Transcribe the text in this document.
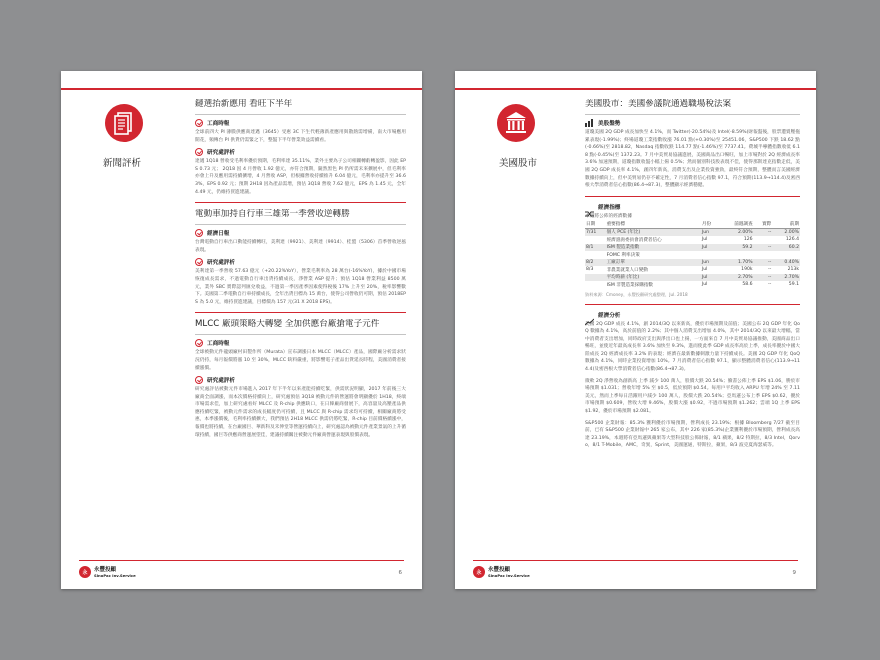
新聞評析
鏈選抬新應用 看旺下半年
工商時報

全球前四大 PI 薄膜供應商達邁（3645）受惠 3C 下生代輕薄新產應用與散熱需增備，南大市場應用開花，頻傳台 PI 供貨仍需緊之下，整盤下半年營業效益需續看。

研究處評析

達邁 1Q18 營收受毛利率優於預期，毛利率達 35.11%，業外主要為子公司相關轉虧轉盈影，因此 EPS 0.73 元； 2Q18 因 4 月營收 1.92 億元，亦符合預期，隨然黑色 PI 仍所需未來擴展中，但毛利率亦會上升及應用需持續擴增，4 月營收 ASP，但根據營收持續推升 6.04 億元，毛利率亦提升至 36.63%，EPS 0.92 元；預期 2H18 因為產品需增，預估 3Q18 營收 7.62 億元，EPS 為 1.45 元，全年 4.49 元，仍維持買進建議。

電動車加持自行車三雄第一季營收逆轉勝
經濟日報

台灣電動自行車出口動能持續轉旺，美利達（9921）、美利達（9914）、桂盟（5306）首季營收逆風表現。

研究處評析

美利達第一季營收 57.63 億元（+20.22%YoY），營業毛利率為 28 萬台(-16%YoY)，據於中國市場恢復成長需求，不過電動自行車出貨持續成長，淨營業 ASP 提升；預估 1Q18 營業利益 8500 萬元，業外 SBC 實際認列匯兌收益，不過第一季因產季因素使得稅後 17% 上升至 20%，稅率影響數下。美國第二季電動自行車持續成長，全年出貨目標為 15 萬台，使得公司營收仍可期，預估 2018EPS 為 5.0 元，維持買進建議，目標價為 157 元(31 X 2018 EPS)。

MLCC 廠頭策略大轉變 全加供應台廠搶電子元件
工商時報

全球被動元件龍頭廠村田製作所（Murata）宣布調漲日本 MLCC（MLCC）產品，國際廠分析需求狀況仍持，每月報價將漲 10 至 30%，MLCC 缺料嚴重，將影響電子產品出貨延長時程，美國消費者接續漲價。

研究處評析

研究處評估被動元件市場進入 2017 年下半年以來產能持續吃緊，供需狀況明顯，2017 年前後三大廠商全面調漲，而本次價格持續向上，研究處預估 3Q18 被動元件的營運將會明顯優於 1H18，終端市場需求佳，加上研究處看好 MLCC 及 R-chip 供應缺口，在日韓廠商發展下，高容量及高壓產品供應持續吃緊，被動元件需求的成長幅度仍可持續，且 MLCC 與 R-chip 需求均可持續，相關廠商將受惠，本季漲價後，毛利率持續擴大，我們預估 2H18 MLCC 供需仍將吃緊，R-chip 目前價格續漲中，報價也將持續，在台廠國巨、華新科及禾伸堂等營運持續向上，研究處認為被動元件產業景氣的上升循環持續，國巨等供應商營運展望佳，建議持續關注被動元件廠商營運表現與股價表現。

永	永豐投顧
SinoPac Inv.Service	6
美國股市
美國股市：美國參議院通過職場稅法案
美股盤勢

道瓊美國 2Q GDP 成長加快至 4.1%，而 Twitter(-20.54%)及 Intel(-8.59%)財報盤後，股票遭賣壓拖累表現(-1.99%)；終場道瓊工業指數收漲 76.01 點(+0.30%)至 25451.06，S&P500 下跌 18.62 點(-0.66%)至 2818.82，Nasdaq 指數收跌 114.77 點(-1.46%)至 7737.41。費城半導體指數收低 6.18 點(-0.45%)至 1372.23。7 月中美貿易協議進展，美國商品出口暢旺，加上市場對於 2Q 經濟成長率 3.6% 加速預期，道瓊指數收盤小幅上揚 0.5%；然而個別科技股表現不佳，使得那斯達克指數走低，美國 2Q GDP 成長率 4.1%，創四年新高，消費支出及企業投資強勁，最終符合預期，整體而言美國經濟數據持續向上，但中美貿易仍存不確定性，7 月消費者信心指數 97.1，符合預期(113.9→114.4)及密西根大學消費者信心指數(86.4→87.3)，整體顯示經濟穩健。

經濟指標
本週將公佈的經濟數據
日期	重要指標	月份	前週調查	實際	前期
7/31	個人 PCE (年比)	Jun	2.00%	--	2.00%
	經濟諮詢委員會消費者信心	Jul	126		126.4
8/1	ISM 製造業指數	Jul	59.2	--	60.2
	FOMC 利率決策				
8/2	工廠訂單	Jun	1.70%	--	0.40%
8/3	非農業就業人口變動	Jul	190k	--	213k
	平均時薪 (年比)	Jul	2.70%	--	2.70%
	ISM 非製造業採購指數	Jul	58.6	--	59.1
資料來源：Cmoney，永豐投顧研究處整理，Jul. 2018
經濟分析

美國 2Q GDP 成長 4.1%，創 2014/3Q 以來新高，優於市場預期及前值；美國公布 2Q GDP 年化 QoQ 數據為 4.1%，高於前值的 2.2%；其中個人消費支出增加 4.0%，其中 2014/3Q 以來最大增幅，當中消費者支出增加，同時政府支出與淨出口也上揚，一方面來自 7 月中美貿易協議推動，美國商品出口暢旺，並使近年最高成長率 3.6% 加快至 9.3%，進而使此季 GDP 成長率高於上季，成長率優於中國大陸成長 2Q 經濟成長率 3.2% 的表現；經濟在最新數據刺激力量下持續成長。美國 2Q GDP 年化 QoQ 數據為 4.1%，同時企業投資增加 10%。7 月消費者信心指數 97.1，顯示整體消費者信心(113.9→114.4)及密西根大學消費者信心指數(86.4→87.3)。

微軟 2Q 淨營收為創新高 上季 減少 100 萬人，股價大跌 20.54%；臉書公佈上季 EPS $1.06，勝於市場預期 $1.031；營收年增 5% 至 $0.5，低於預期 $0.54。每用戶平均收入 ARPU 年增 24% 至 7.11 美元，然而上季每日活躍用戶減少 100 萬人，股價大跌 20.54%；亞馬遜公布上季 EPS $0.62，優於市場預期 $0.609，營收大增 9.46%，股價大漲 $0.92，不過市場預期 $1.262；雲端 1Q 上季 EPS $1.92，優於市場預期 $2.081。

S&P500 企業財報：85.3% 獲利優於市場預期，營利成長 23.19%；根據 Bloomberg 7/27 截至目前，已有 S&P500 企業財報中 265 家公布，其中 226 家(85.3%)企業獲利優於市場預期，營利成長高達 23.19%，本週將有亞馬遜與蘋果等大型科技股公佈財報，8/1 蘋果，8/2 特斯拉，8/3 Intel，Qorvo，8/1 T-Mobile，AMC，奇異，Sprint，美國運通，特斯拉，蘋果，8/3 波克夏海瑟威等。

永	永豐投顧
SinoPac Inv.Service	9
